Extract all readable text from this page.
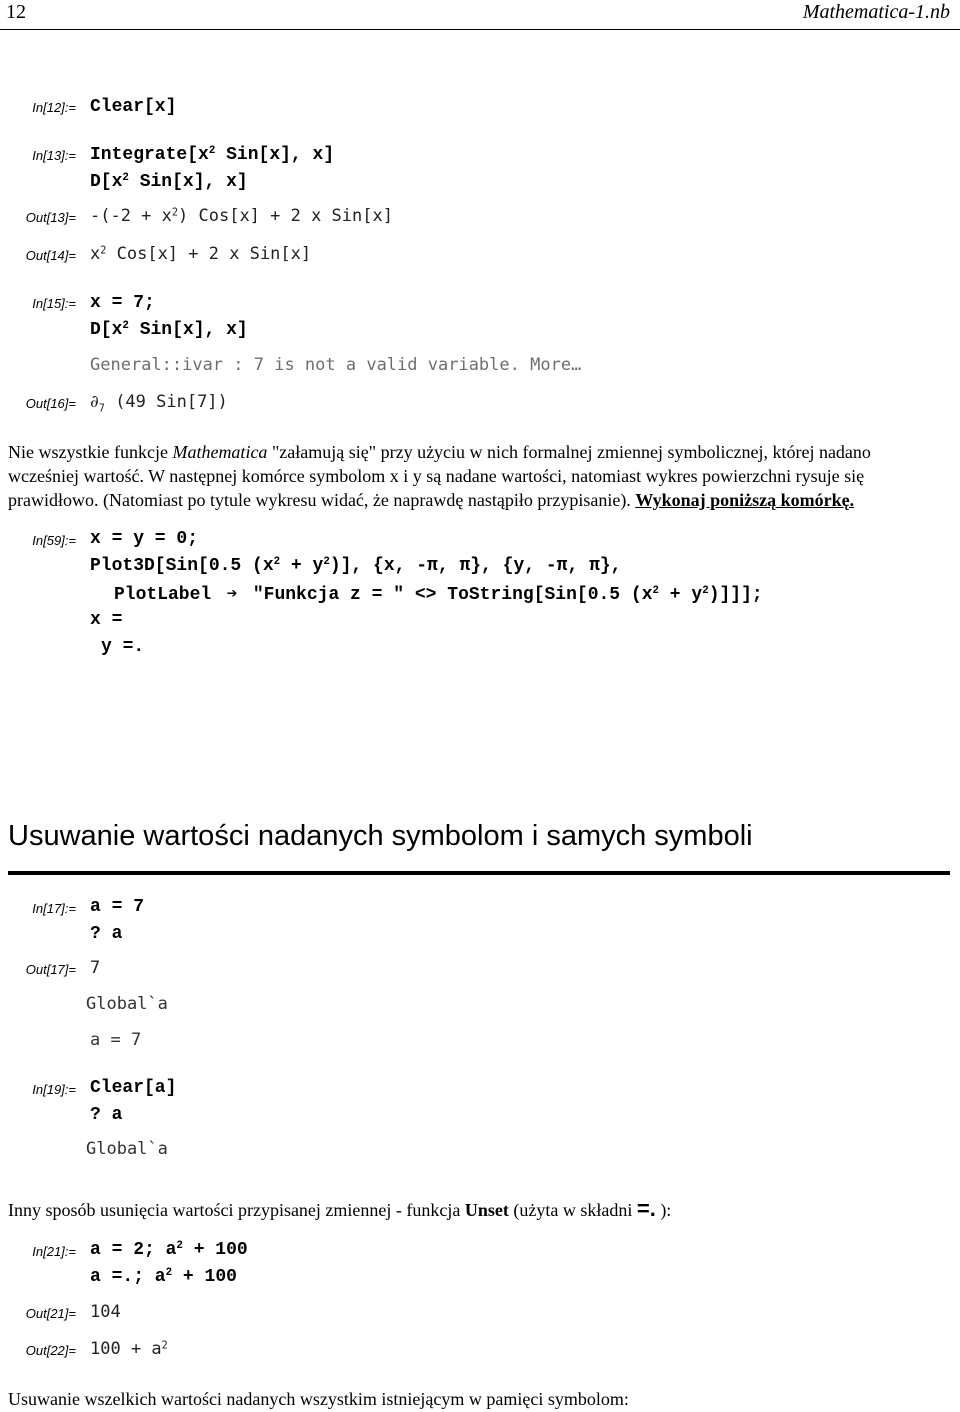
12	Mathematica-1.nb
In[12]:= Clear[x]
In[13]:= $Integrate[x^2$ Sin[x], x]
$D[x^2$ Sin[x], x]
$Out[13]= -(-2 + x^2)$ Cos[x] + 2 x Sin[x]
$Out[14]= x^2$ Cos[x] + 2 x Sin[x]
In[15]:= x = 7;
$D[x^2$ Sin[x], x]
General::ivar : 7 is not a valid variable. More…
$Out[16]= \partial_7$ (49 Sin[7])
Nie wszystkie funkcje Mathematica "załamują się" przy użyciu w nich formalnej zmiennej symbolicznej, której nadano
wcześniej wartość. W następnej komórce symbolom x i y są nadane wartości, natomiast wykres powierzchni rysuje się
prawidłowo. (Natomiast po tytule wykresu widać, że naprawdę nastąpiło przypisanie). Wykonaj poniższą komórkę.
In[59]:= x = y = 0;
Plot3D[Sin[0.5 $(x^2 + y^2)$], {x, -π, π}, {y, -π, π},
PlotLabel ➔ "Funkcja z = " <> ToString[Sin[0.5 $(x^2 + y^2)$]]];
x =
y =.
Usuwanie wartości nadanych symbolom i samych symboli
In[17]:= a = 7
? a
Out[17]= 7
Global`a
a = 7
In[19]:= Clear[a]
? a
Global`a
Inny sposób usunięcia wartości przypisanej zmiennej - funkcja Unset (użyta w składni =. ):
In[21]:= a = 2; $a^2 + 100$
a =.; $a^2 + 100$
Out[21]= 104
$Out[22]= 100 + a^2$
Usuwanie wszelkich wartości nadanych wszystkim istniejącym w pamięci symbolom:
